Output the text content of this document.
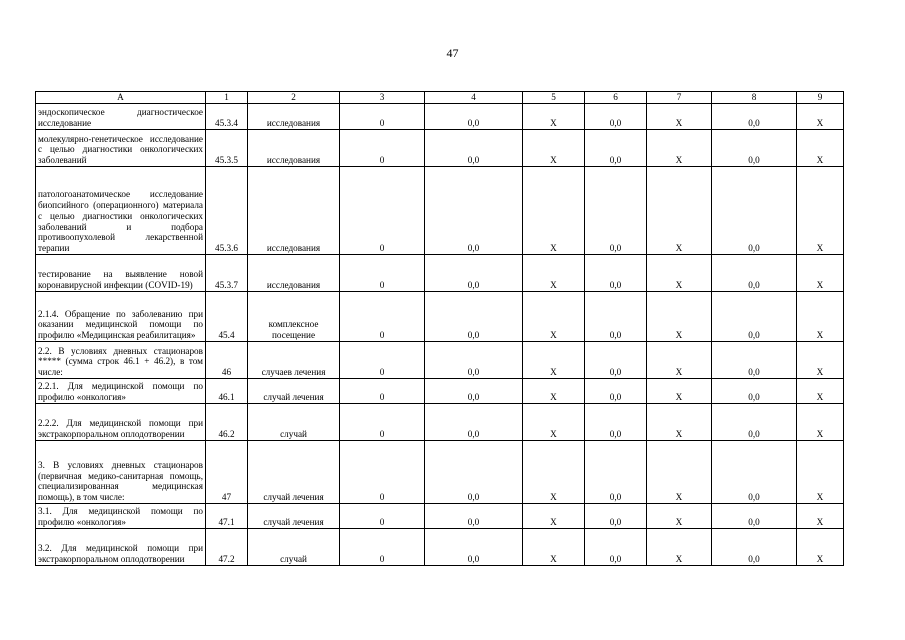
47
А	1	2	3	4	5	6	7	8	9
эндоскопическое диагностическое исследование	45.3.4	исследования	0	0,0	Х	0,0	Х	0,0	Х
молекулярно-генетическое исследование с целью диагностики онкологических заболеваний	45.3.5	исследования	0	0,0	Х	0,0	Х	0,0	Х
патологоанатомическое исследование биопсийного (операционного) материала с целью диагностики онкологических заболеваний и подбора противоопухолевой лекарственной терапии	45.3.6	исследования	0	0,0	Х	0,0	Х	0,0	Х
тестирование на выявление новой коронавирусной инфекции (COVID-19)	45.3.7	исследования	0	0,0	Х	0,0	Х	0,0	Х
2.1.4. Обращение по заболеванию при оказании медицинской помощи по профилю «Медицинская реабилитация»	45.4	комплексное посещение	0	0,0	Х	0,0	Х	0,0	Х
2.2. В условиях дневных стационаров ***** (сумма строк 46.1 + 46.2), в том числе:	46	случаев лечения	0	0,0	Х	0,0	Х	0,0	Х
2.2.1. Для медицинской помощи по профилю «онкология»	46.1	случай лечения	0	0,0	Х	0,0	Х	0,0	Х
2.2.2. Для медицинской помощи при экстракорпоральном оплодотворении	46.2	случай	0	0,0	Х	0,0	Х	0,0	Х
3. В условиях дневных стационаров (первичная медико-санитарная помощь, специализированная медицинская помощь), в том числе:	47	случай лечения	0	0,0	Х	0,0	Х	0,0	Х
3.1. Для медицинской помощи по профилю «онкология»	47.1	случай лечения	0	0,0	Х	0,0	Х	0,0	Х
3.2. Для медицинской помощи при экстракорпоральном оплодотворении	47.2	случай	0	0,0	Х	0,0	Х	0,0	Х
